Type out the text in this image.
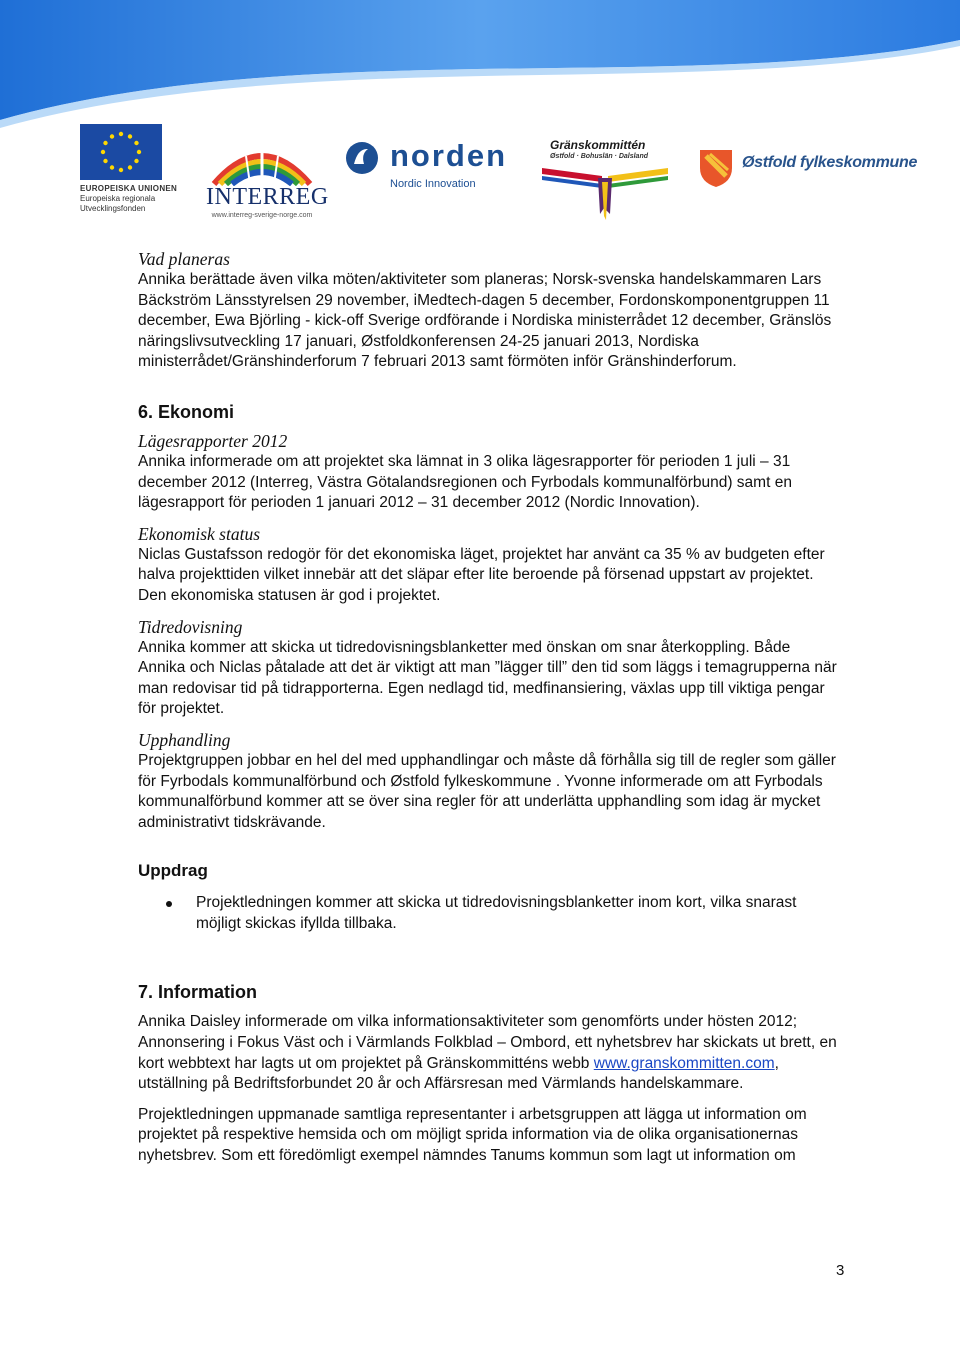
EUROPEISKA UNIONEN
Europeiska regionala
Utvecklingsfonden	INTERREG
www.interreg-sverige-norge.com
norden
Nordic Innovation
Gränskommittén
Østfold · Bohuslän · Dalsland	Østfold fylkeskommune
Vad planeras

Annika berättade även vilka möten/aktiviteter som planeras; Norsk-svenska handelskammaren Lars Bäckström Länsstyrelsen 29 november, iMedtech-dagen 5 december, Fordonskomponentgruppen 11 december, Ewa Björling - kick-off Sverige ordförande i Nordiska ministerrådet 12 december, Gränslös näringslivsutveckling 17 januari, Østfoldkonferensen 24-25 januari 2013, Nordiska ministerrådet/Gränshinderforum 7 februari 2013 samt förmöten inför Gränshinderforum.

6. Ekonomi
Lägesrapporter 2012

Annika informerade om att projektet ska lämnat in 3 olika lägesrapporter för perioden 1 juli – 31 december 2012 (Interreg, Västra Götalandsregionen och Fyrbodals kommunalförbund) samt en lägesrapport för perioden 1 januari 2012 – 31 december 2012 (Nordic Innovation).

Ekonomisk status

Niclas Gustafsson redogör för det ekonomiska läget, projektet har använt ca 35 % av budgeten efter halva projekttiden vilket innebär att det släpar efter lite beroende på försenad uppstart av projektet. Den ekonomiska statusen är god i projektet.

Tidredovisning

Annika kommer att skicka ut tidredovisningsblanketter med önskan om snar återkoppling. Både Annika och Niclas påtalade att det är viktigt att man ”lägger till” den tid som läggs i temagrupperna när man redovisar tid på tidrapporterna. Egen nedlagd tid, medfinansiering, växlas upp till viktiga pengar för projektet.

Upphandling

Projektgruppen jobbar en hel del med upphandlingar och måste då förhålla sig till de regler som gäller för Fyrbodals kommunalförbund och Østfold fylkeskommune . Yvonne informerade om att Fyrbodals kommunalförbund kommer att se över sina regler för att underlätta upphandling som idag är mycket administrativt tidskrävande.

Uppdrag

Projektledningen kommer att skicka ut tidredovisningsblanketter inom kort, vilka snarast möjligt skickas ifyllda tillbaka.

7. Information

Annika Daisley informerade om vilka informationsaktiviteter som genomförts under hösten 2012; Annonsering i Fokus Väst och i Värmlands Folkblad – Ombord, ett nyhetsbrev har skickats ut brett, en kort webbtext har lagts ut om projektet på Gränskommitténs webb www.granskommitten.com, utställning på Bedriftsforbundet 20 år och Affärsresan med Värmlands handelskammare.

Projektledningen uppmanade samtliga representanter i arbetsgruppen att lägga ut information om projektet på respektive hemsida och om möjligt sprida information via de olika organisationernas nyhetsbrev. Som ett föredömligt exempel nämndes Tanums kommun som lagt ut information om

3
